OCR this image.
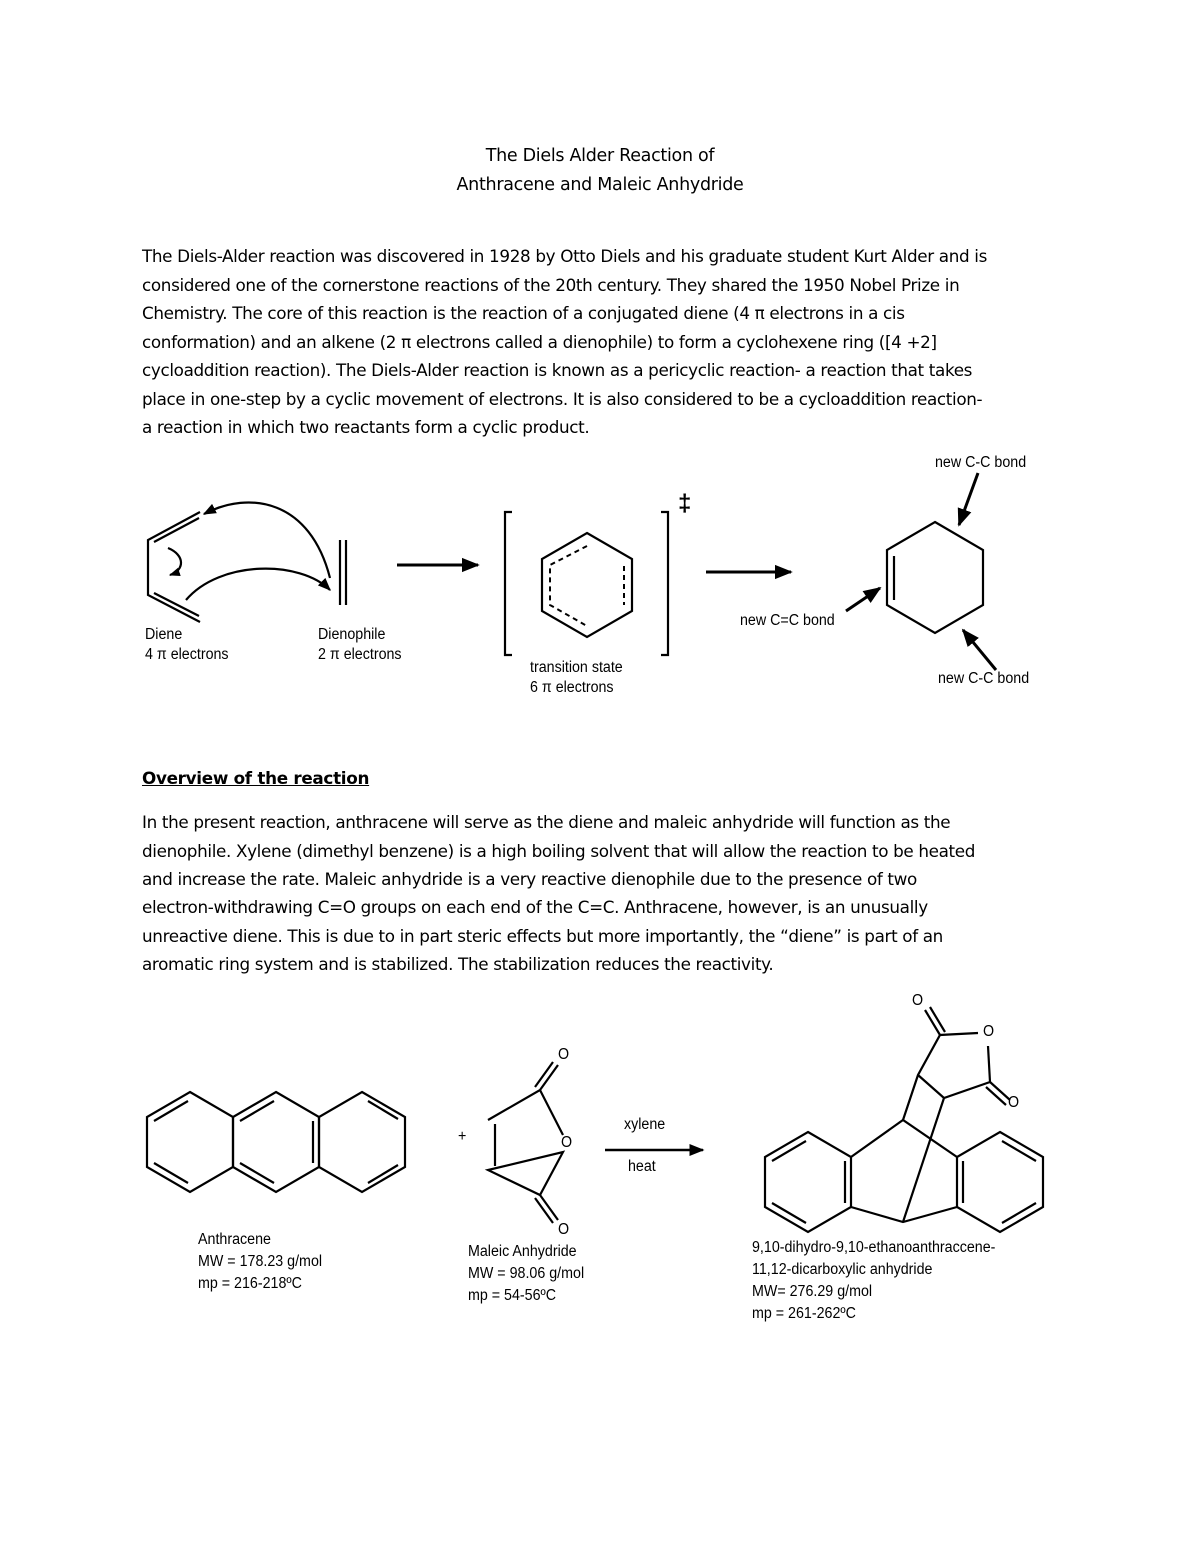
The Diels Alder Reaction of
Anthracene and Maleic Anhydride
The Diels-Alder reaction was discovered in 1928 by Otto Diels and his graduate student Kurt Alder and is
considered one of the cornerstone reactions of the 20th century. They shared the 1950 Nobel Prize in
Chemistry. The core of this reaction is the reaction of a conjugated diene (4 π electrons in a cis
conformation) and an alkene (2 π electrons called a dienophile) to form a cyclohexene ring ([4 +2]
cycloaddition reaction). The Diels-Alder reaction is known as a pericyclic reaction- a reaction that takes
place in one-step by a cyclic movement of electrons. It is also considered to be a cycloaddition reaction-
a reaction in which two reactants form a cyclic product.
Diene
4 π electrons
Dienophile
2 π electrons
‡
transition state
6 π electrons
new C-C bond
new C=C bond
new C-C bond
Overview of the reaction
In the present reaction, anthracene will serve as the diene and maleic anhydride will function as the
dienophile. Xylene (dimethyl benzene) is a high boiling solvent that will allow the reaction to be heated
and increase the rate. Maleic anhydride is a very reactive dienophile due to the presence of two
electron-withdrawing C=O groups on each end of the C=C. Anthracene, however, is an unusually
unreactive diene. This is due to in part steric effects but more importantly, the “diene” is part of an
aromatic ring system and is stabilized. The stabilization reduces the reactivity.
+
O
O
O
O
O
O
xylene
heat
Anthracene
MW = 178.23 g/mol
mp = 216-218ºC
Maleic Anhydride
MW = 98.06 g/mol
mp = 54-56ºC
9,10-dihydro-9,10-ethanoanthraccene-
11,12-dicarboxylic anhydride
MW= 276.29 g/mol
mp = 261-262ºC
